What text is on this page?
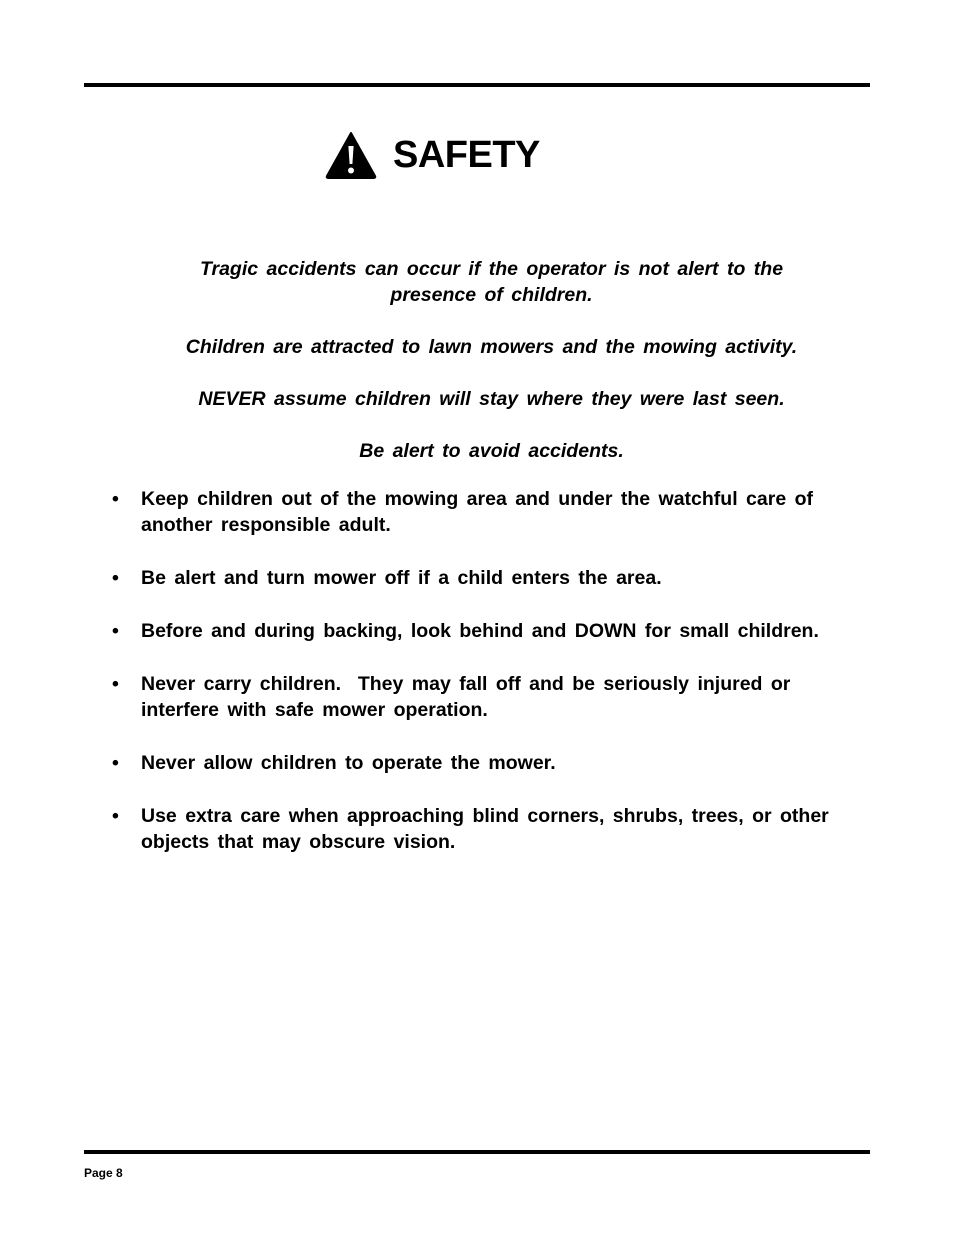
SAFETY

Tragic accidents can occur if the operator is not alert to the presence of children.

Children are attracted to lawn mowers and the mowing activity.

NEVER assume children will stay where they were last seen.

Be alert to avoid accidents.

• Keep children out of the mowing area and under the watchful care of another responsible adult.
• Be alert and turn mower off if a child enters the area.
• Before and during backing, look behind and DOWN for small children.
• Never carry children.  They may fall off and be seriously injured or interfere with safe mower operation.
• Never allow children to operate the mower.
• Use extra care when approaching blind corners, shrubs, trees, or other objects that may obscure vision.
Page 8
